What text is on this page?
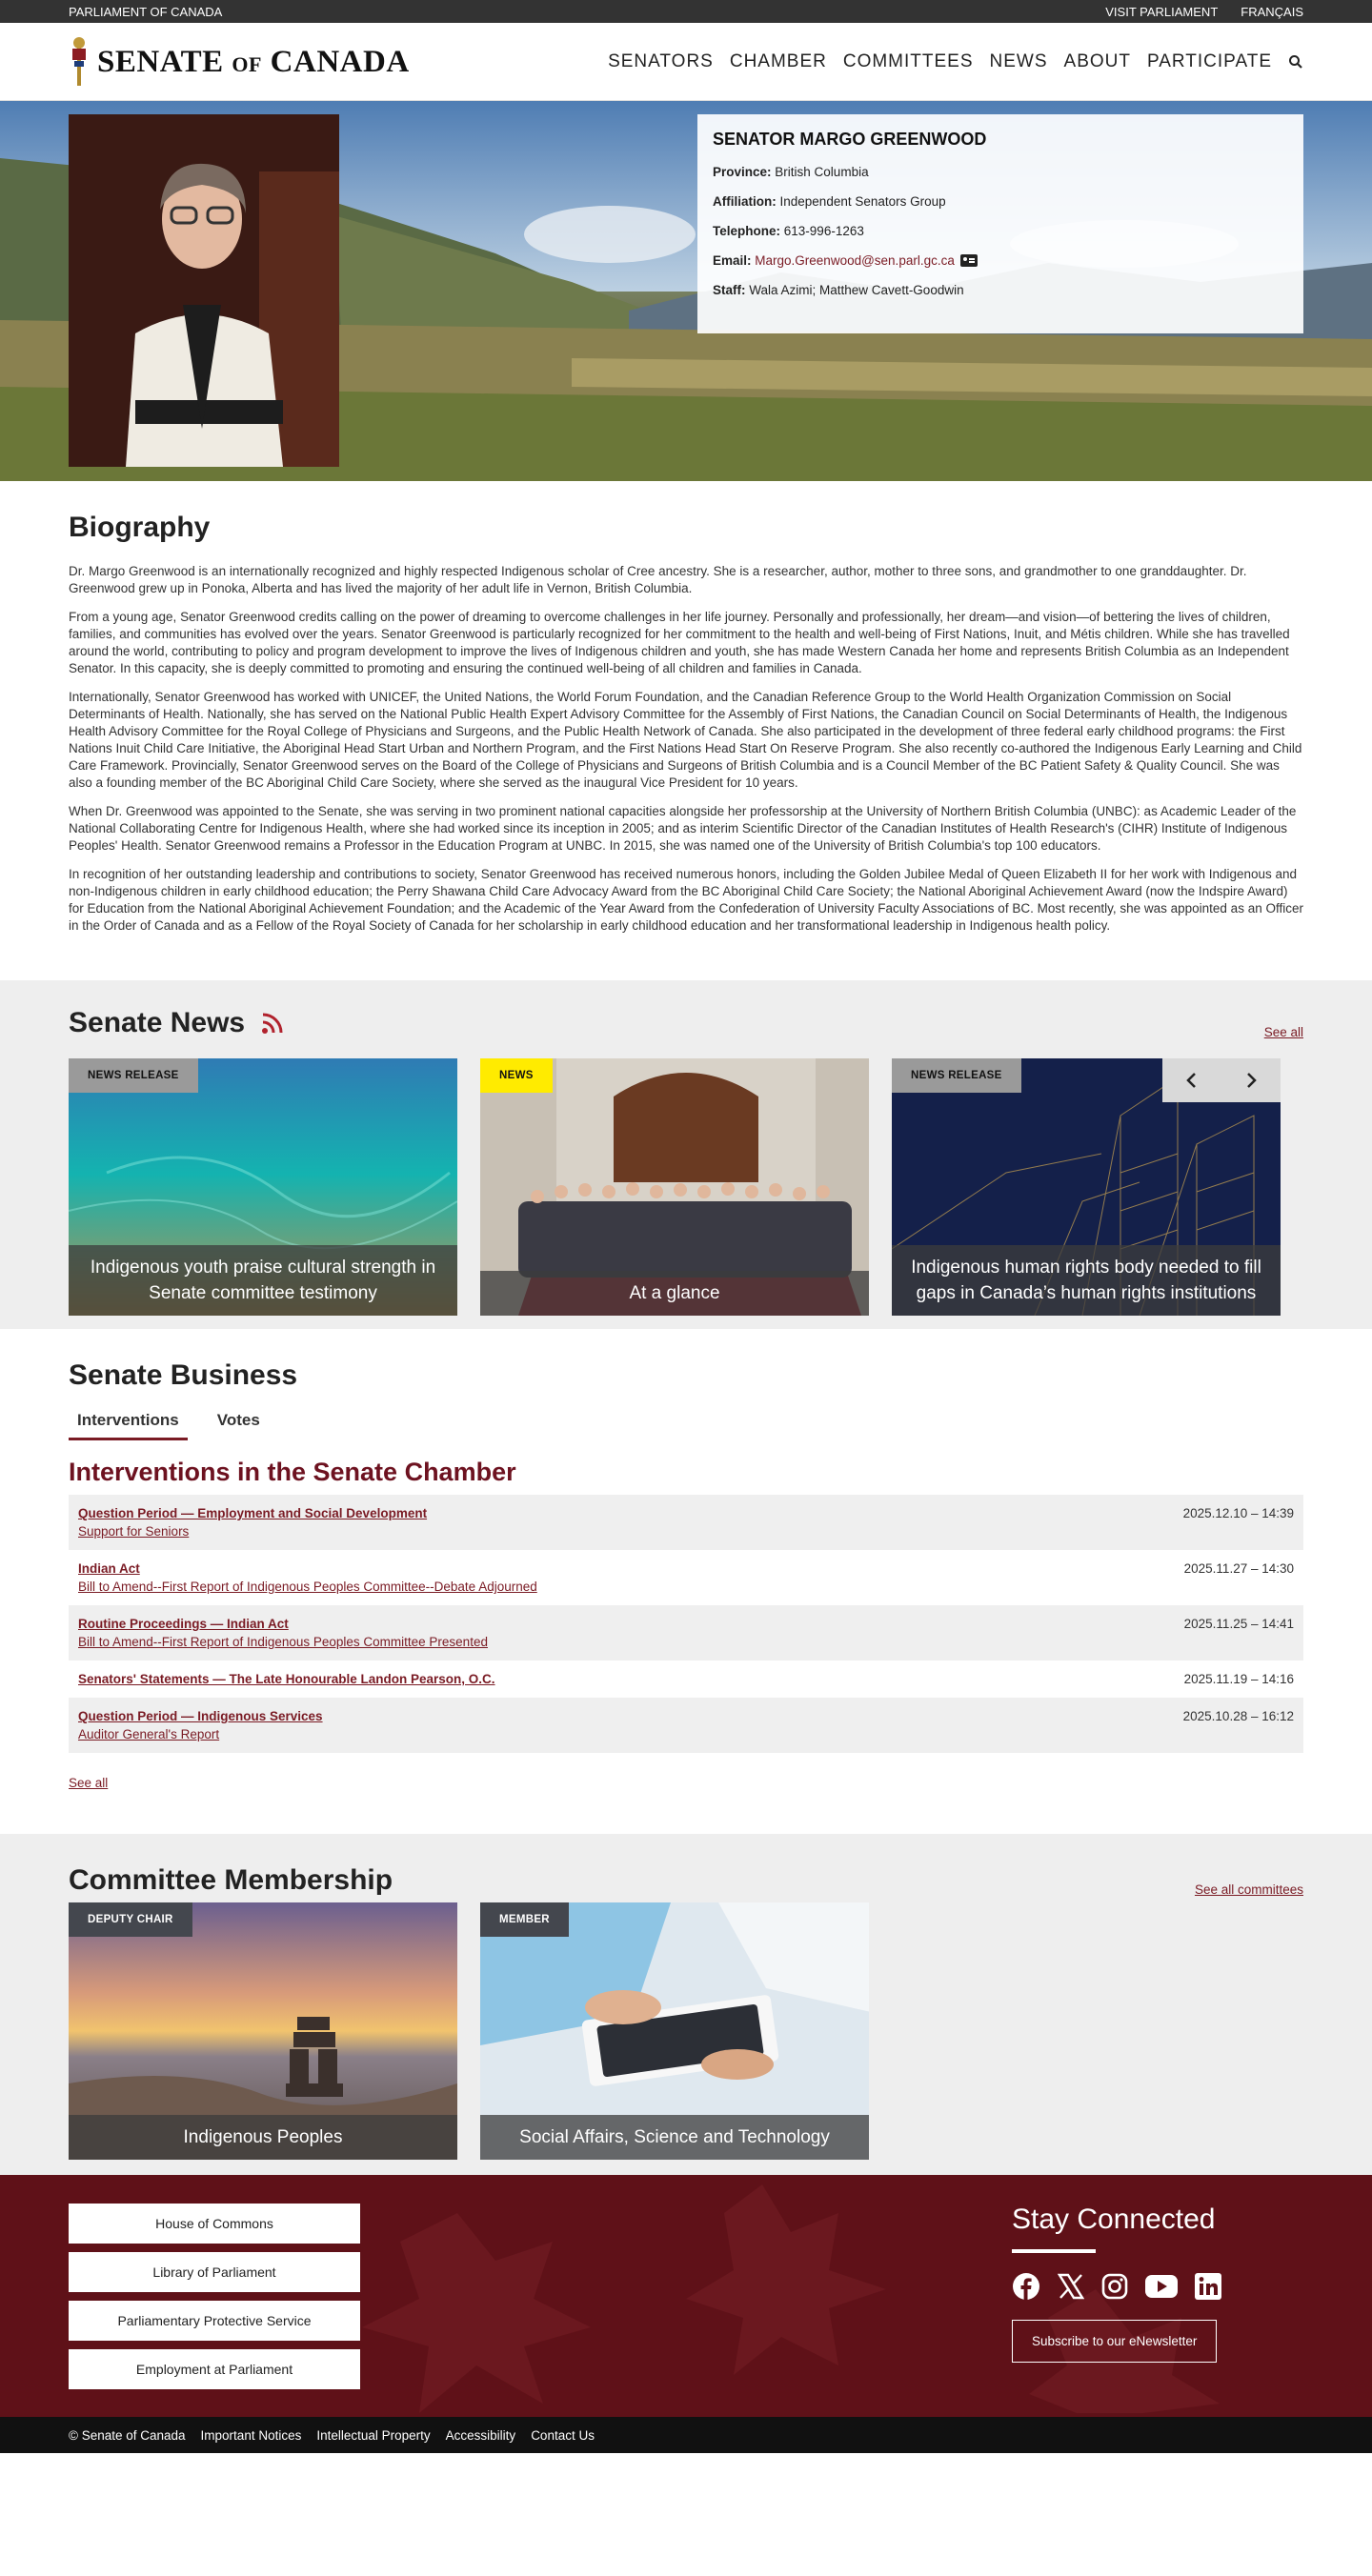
PARLIAMENT OF CANADA	VISIT PARLIAMENT FRANÇAIS
SENATE OF CANADA	SENATORS CHAMBER COMMITTEES NEWS ABOUT PARTICIPATE
SENATOR MARGO GREENWOOD
Province: British Columbia
Affiliation: Independent Senators Group
Telephone: 613-996-1263
Email: Margo.Greenwood@sen.parl.gc.ca
Staff: Wala Azimi; Matthew Cavett-Goodwin
Biography

Dr. Margo Greenwood is an internationally recognized and highly respected Indigenous scholar of Cree ancestry. She is a researcher, author, mother to three sons, and grandmother to one granddaughter. Dr. Greenwood grew up in Ponoka, Alberta and has lived the majority of her adult life in Vernon, British Columbia.

From a young age, Senator Greenwood credits calling on the power of dreaming to overcome challenges in her life journey. Personally and professionally, her dream—and vision—of bettering the lives of children, families, and communities has evolved over the years. Senator Greenwood is particularly recognized for her commitment to the health and well-being of First Nations, Inuit, and Métis children. While she has travelled around the world, contributing to policy and program development to improve the lives of Indigenous children and youth, she has made Western Canada her home and represents British Columbia as an Independent Senator. In this capacity, she is deeply committed to promoting and ensuring the continued well-being of all children and families in Canada.

Internationally, Senator Greenwood has worked with UNICEF, the United Nations, the World Forum Foundation, and the Canadian Reference Group to the World Health Organization Commission on Social Determinants of Health. Nationally, she has served on the National Public Health Expert Advisory Committee for the Assembly of First Nations, the Canadian Council on Social Determinants of Health, the Indigenous Health Advisory Committee for the Royal College of Physicians and Surgeons, and the Public Health Network of Canada. She also participated in the development of three federal early childhood programs: the First Nations Inuit Child Care Initiative, the Aboriginal Head Start Urban and Northern Program, and the First Nations Head Start On Reserve Program. She also recently co-authored the Indigenous Early Learning and Child Care Framework. Provincially, Senator Greenwood serves on the Board of the College of Physicians and Surgeons of British Columbia and is a Council Member of the BC Patient Safety & Quality Council. She was also a founding member of the BC Aboriginal Child Care Society, where she served as the inaugural Vice President for 10 years.

When Dr. Greenwood was appointed to the Senate, she was serving in two prominent national capacities alongside her professorship at the University of Northern British Columbia (UNBC): as Academic Leader of the National Collaborating Centre for Indigenous Health, where she had worked since its inception in 2005; and as interim Scientific Director of the Canadian Institutes of Health Research's (CIHR) Institute of Indigenous Peoples' Health. Senator Greenwood remains a Professor in the Education Program at UNBC. In 2015, she was named one of the University of British Columbia's top 100 educators.

In recognition of her outstanding leadership and contributions to society, Senator Greenwood has received numerous honors, including the Golden Jubilee Medal of Queen Elizabeth II for her work with Indigenous and non-Indigenous children in early childhood education; the Perry Shawana Child Care Advocacy Award from the BC Aboriginal Child Care Society; the National Aboriginal Achievement Award (now the Indspire Award) for Education from the National Aboriginal Achievement Foundation; and the Academic of the Year Award from the Confederation of University Faculty Associations of BC. Most recently, she was appointed as an Officer in the Order of Canada and as a Fellow of the Royal Society of Canada for her scholarship in early childhood education and her transformational leadership in Indigenous health policy.

Senate News	See all
NEWS RELEASE
Indigenous youth praise cultural strength in Senate committee testimony
NEWS
At a glance
NEWS RELEASE
Indigenous human rights body needed to fill gaps in Canada’s human rights institutions
Senate Business
Interventions	Votes
Interventions in the Senate Chamber
Question Period — Employment and Social Development
Support for Seniors
2025.12.10 – 14:39
Indian Act
Bill to Amend--First Report of Indigenous Peoples Committee--Debate Adjourned
2025.11.27 – 14:30
Routine Proceedings — Indian Act
Bill to Amend--First Report of Indigenous Peoples Committee Presented
2025.11.25 – 14:41
Senators' Statements — The Late Honourable Landon Pearson, O.C.	2025.11.19 – 14:16
Question Period — Indigenous Services
Auditor General's Report
2025.10.28 – 16:12
See all
Committee Membership	See all committees
DEPUTY CHAIR
Indigenous Peoples
MEMBER
Social Affairs, Science and Technology
House of Commons
Library of Parliament
Parliamentary Protective Service
Employment at Parliament
Stay Connected
Subscribe to our eNewsletter
© Senate of Canada Important Notices Intellectual Property Accessibility Contact Us
